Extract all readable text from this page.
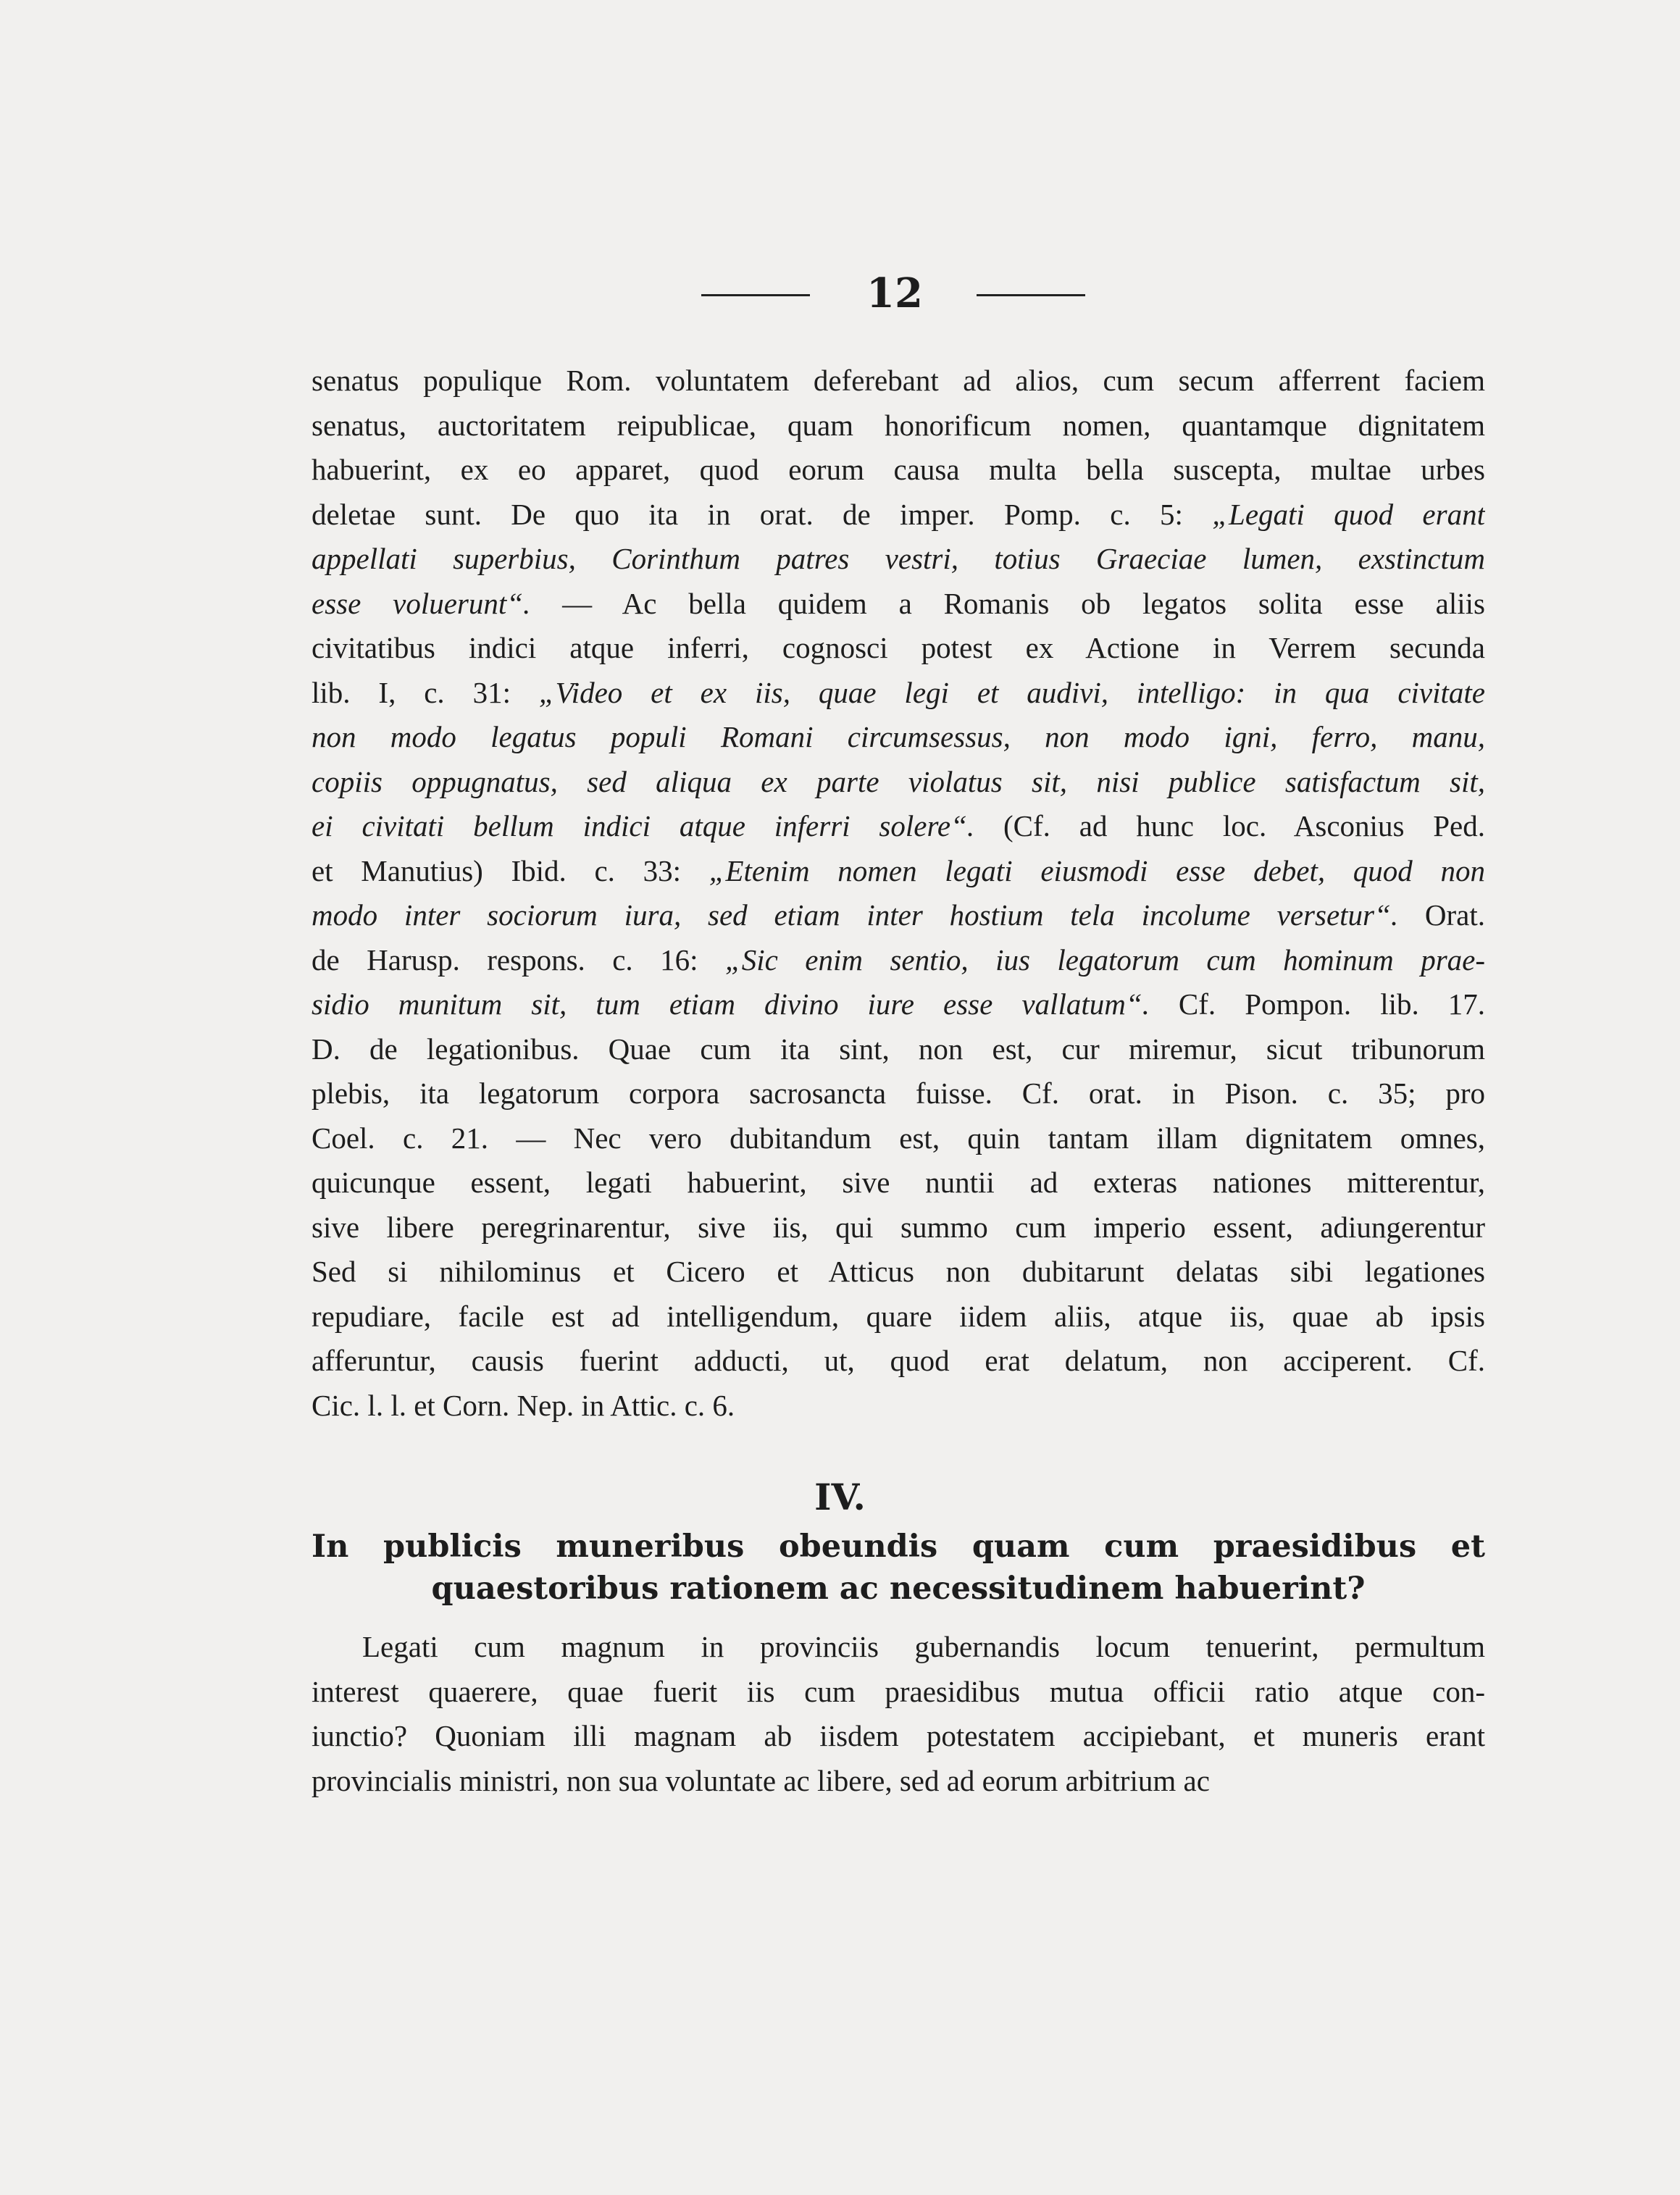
12
senatus populique Rom. voluntatem deferebant ad alios, cum secum afferrent faciem
senatus, auctoritatem reipublicae, quam honorificum nomen, quantamque dignitatem
habuerint, ex eo apparet, quod eorum causa multa bella suscepta, multae urbes
deletae sunt. De quo ita in orat. de imper. Pomp. c. 5: „Legati quod erant
appellati superbius, Corinthum patres vestri, totius Graeciae lumen, exstinctum
esse voluerunt“. — Ac bella quidem a Romanis ob legatos solita esse aliis
civitatibus indici atque inferri, cognosci potest ex Actione in Verrem secunda
lib. I, c. 31: „Video et ex iis, quae legi et audivi, intelligo: in qua civitate
non modo legatus populi Romani circumsessus, non modo igni, ferro, manu,
copiis oppugnatus, sed aliqua ex parte violatus sit, nisi publice satisfactum sit,
ei civitati bellum indici atque inferri solere“. (Cf. ad hunc loc. Asconius Ped.
et Manutius) Ibid. c. 33: „Etenim nomen legati eiusmodi esse debet, quod non
modo inter sociorum iura, sed etiam inter hostium tela incolume versetur“. Orat.
de Harusp. respons. c. 16: „Sic enim sentio, ius legatorum cum hominum prae-
sidio munitum sit, tum etiam divino iure esse vallatum“. Cf. Pompon. lib. 17.
D. de legationibus. Quae cum ita sint, non est, cur miremur, sicut tribunorum
plebis, ita legatorum corpora sacrosancta fuisse. Cf. orat. in Pison. c. 35; pro
Coel. c. 21. — Nec vero dubitandum est, quin tantam illam dignitatem omnes,
quicunque essent, legati habuerint, sive nuntii ad exteras nationes mitterentur,
sive libere peregrinarentur, sive iis, qui summo cum imperio essent, adiungerentur
Sed si nihilominus et Cicero et Atticus non dubitarunt delatas sibi legationes
repudiare, facile est ad intelligendum, quare iidem aliis, atque iis, quae ab ipsis
afferuntur, causis fuerint adducti, ut, quod erat delatum, non acciperent. Cf.
Cic. l. l. et Corn. Nep. in Attic. c. 6.
IV.
In publicis muneribus obeundis quam cum praesidibus et
quaestoribus rationem ac necessitudinem habuerint?
Legati cum magnum in provinciis gubernandis locum tenuerint, permultum
interest quaerere, quae fuerit iis cum praesidibus mutua officii ratio atque con-
iunctio? Quoniam illi magnam ab iisdem potestatem accipiebant, et muneris erant
provincialis ministri, non sua voluntate ac libere, sed ad eorum arbitrium ac
